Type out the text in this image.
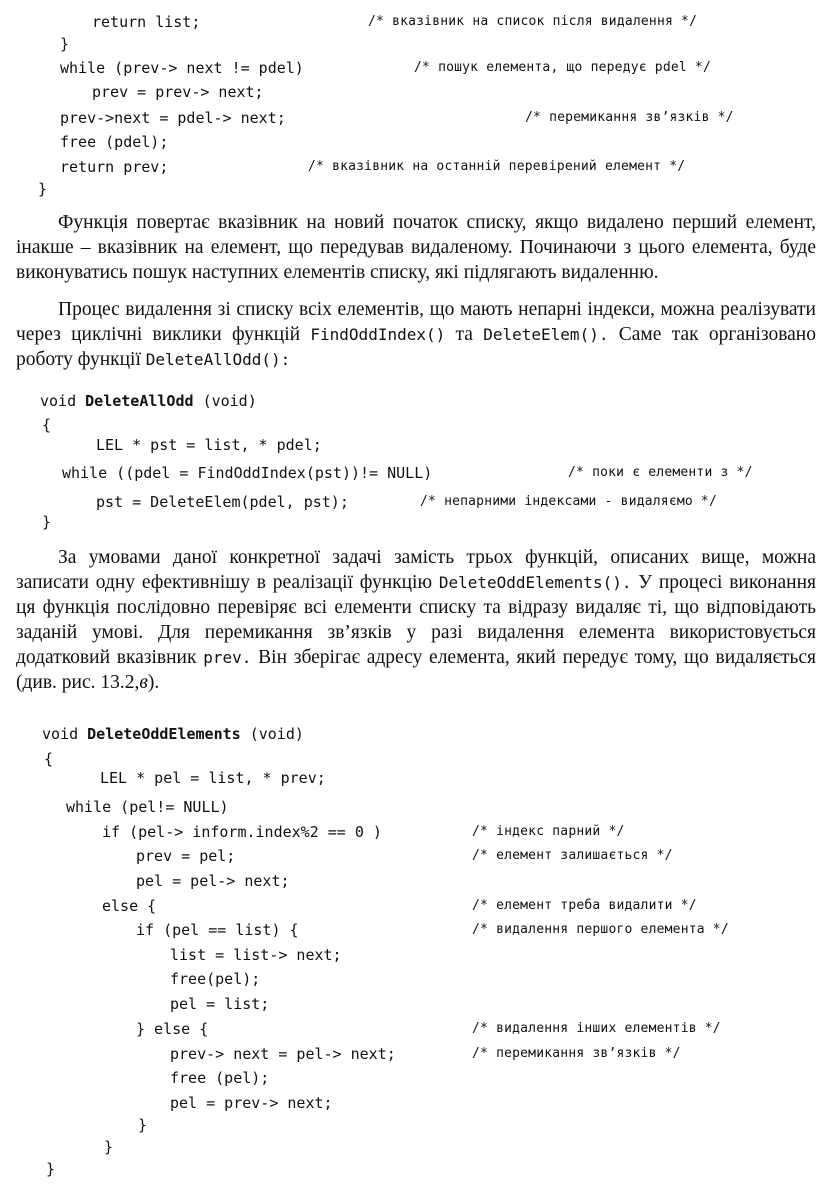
return list;	/* вказівник на список після видалення */
}
while (prev-> next != pdel)	/* пошук елемента, що передує pdel */
prev = prev-> next;
prev->next = pdel-> next;	/* перемикання зв’язків */
free (pdel);
return prev;	/* вказівник на останній перевірений елемент */
}
Функція повертає вказівник на новий початок списку, якщо видалено перший елемент, інакше – вказівник на елемент, що передував видаленому. Починаючи з цього елемента, буде виконуватись пошук наступних елементів списку, які підлягають видаленню.
Процес видалення зі списку всіх елементів, що мають непарні індекси, можна реалізувати через циклічні виклики функцій FindOddIndex() та DeleteElem(). Саме так організовано роботу функції DeleteAllOdd():
void DeleteAllOdd (void)
{
LEL * pst = list, * pdel;
while ((pdel = FindOddIndex(pst))!= NULL)	/* поки є елементи з */
pst = DeleteElem(pdel, pst);	/* непарними індексами - видаляємо */
}
За умовами даної конкретної задачі замість трьох функцій, описаних вище, можна записати одну ефективнішу в реалізації функцію DeleteOddElements(). У процесі виконання ця функція послідовно перевіряє всі елементи списку та відразу видаляє ті, що відповідають заданій умові. Для перемикання зв’язків у разі видалення елемента використовується додатковий вказівник prev. Він зберігає адресу елемента, який передує тому, що видаляється (див. рис. 13.2,в).
void DeleteOddElements (void)
{
LEL * pel = list, * prev;
while (pel!= NULL)
if (pel-> inform.index%2 == 0 )	/* індекс парний */
prev = pel;	/* елемент залишається */
pel = pel-> next;
else {	/* елемент треба видалити */
if (pel == list) {	/* видалення першого елемента */
list = list-> next;
free(pel);
pel = list;
} else {	/* видалення інших елементів */
prev-> next = pel-> next;	/* перемикання зв’язків */
free (pel);
pel = prev-> next;
}
}
}
